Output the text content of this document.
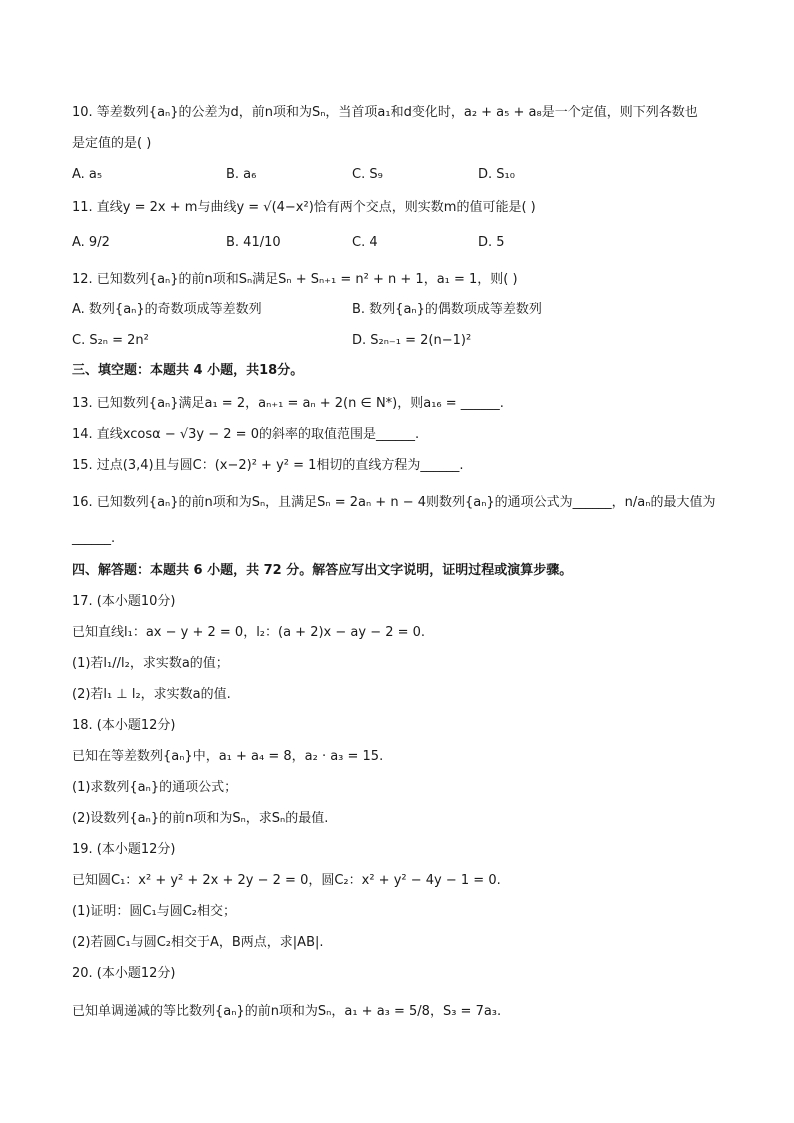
10. 等差数列{aₙ}的公差为d，前n项和为Sₙ，当首项a₁和d变化时，a₂ + a₅ + a₈是一个定值，则下列各数也
是定值的是( )
A. a₅	B. a₆	C. S₉	D. S₁₀
11. 直线y = 2x + m与曲线y = √(4−x²)恰有两个交点，则实数m的值可能是( )
A. 9/2	B. 41/10	C. 4	D. 5
12. 已知数列{aₙ}的前n项和Sₙ满足Sₙ + Sₙ₊₁ = n² + n + 1，a₁ = 1，则( )
A. 数列{aₙ}的奇数项成等差数列	B. 数列{aₙ}的偶数项成等差数列
C. S₂ₙ = 2n²	D. S₂ₙ₋₁ = 2(n−1)²
三、填空题：本题共 4 小题，共18分。
13. 已知数列{aₙ}满足a₁ = 2，aₙ₊₁ = aₙ + 2(n ∈ N*)，则a₁₆ = ______.
14. 直线xcosα − √3y − 2 = 0的斜率的取值范围是______.
15. 过点(3,4)且与圆C：(x−2)² + y² = 1相切的直线方程为______.
16. 已知数列{aₙ}的前n项和为Sₙ，且满足Sₙ = 2aₙ + n − 4则数列{aₙ}的通项公式为______，n/aₙ的最大值为
______.
四、解答题：本题共 6 小题，共 72 分。解答应写出文字说明，证明过程或演算步骤。
17. (本小题10分)
已知直线l₁：ax − y + 2 = 0，l₂：(a + 2)x − ay − 2 = 0.
(1)若l₁//l₂，求实数a的值；
(2)若l₁ ⊥ l₂，求实数a的值.
18. (本小题12分)
已知在等差数列{aₙ}中，a₁ + a₄ = 8，a₂ · a₃ = 15.
(1)求数列{aₙ}的通项公式；
(2)设数列{aₙ}的前n项和为Sₙ，求Sₙ的最值.
19. (本小题12分)
已知圆C₁：x² + y² + 2x + 2y − 2 = 0，圆C₂：x² + y² − 4y − 1 = 0.
(1)证明：圆C₁与圆C₂相交；
(2)若圆C₁与圆C₂相交于A，B两点，求|AB|.
20. (本小题12分)
已知单调递减的等比数列{aₙ}的前n项和为Sₙ，a₁ + a₃ = 5/8，S₃ = 7a₃.
